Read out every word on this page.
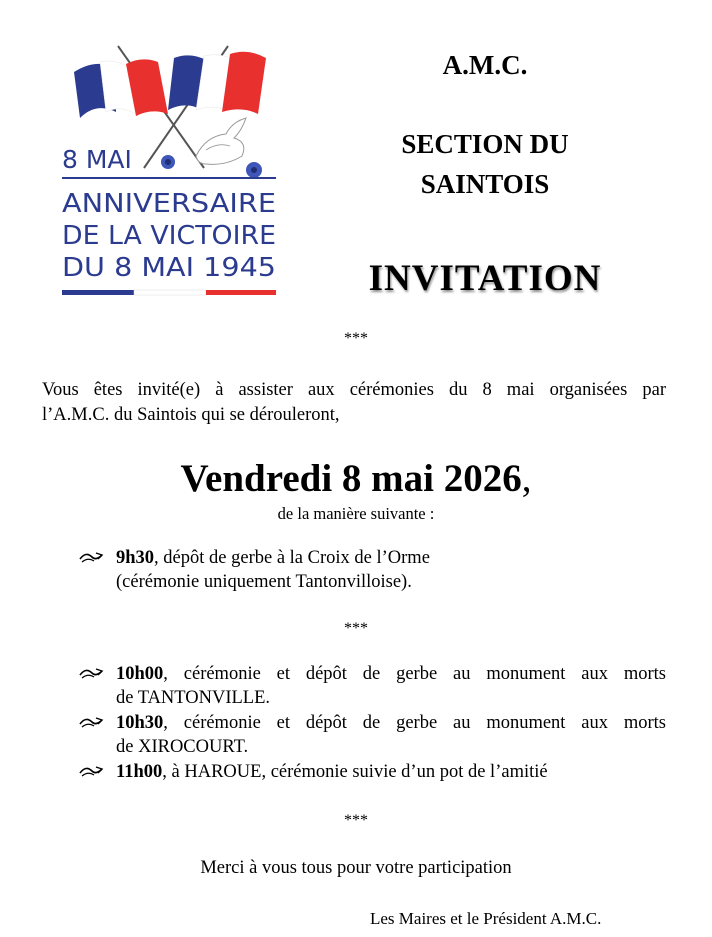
8 MAI
ANNIVERSAIRE
DE LA VICTOIRE
DU 8 MAI 1945

A.M.C.

SECTION DU
SAINTOIS

INVITATION

***

Vous êtes invité(e) à assister aux cérémonies du 8 mai organisées par
l’A.M.C. du Saintois qui se dérouleront,

Vendredi 8 mai 2026,

de la manière suivante :

9h30, dépôt de gerbe à la Croix de l’Orme
(cérémonie uniquement Tantonvilloise).

***

10h00, cérémonie et dépôt de gerbe au monument aux morts
de TANTONVILLE.
10h30, cérémonie et dépôt de gerbe au monument aux morts
de XIROCOURT.
11h00, à HAROUE, cérémonie suivie d’un pot de l’amitié

***

Merci à vous tous pour votre participation

Les Maires et le Président A.M.C.
